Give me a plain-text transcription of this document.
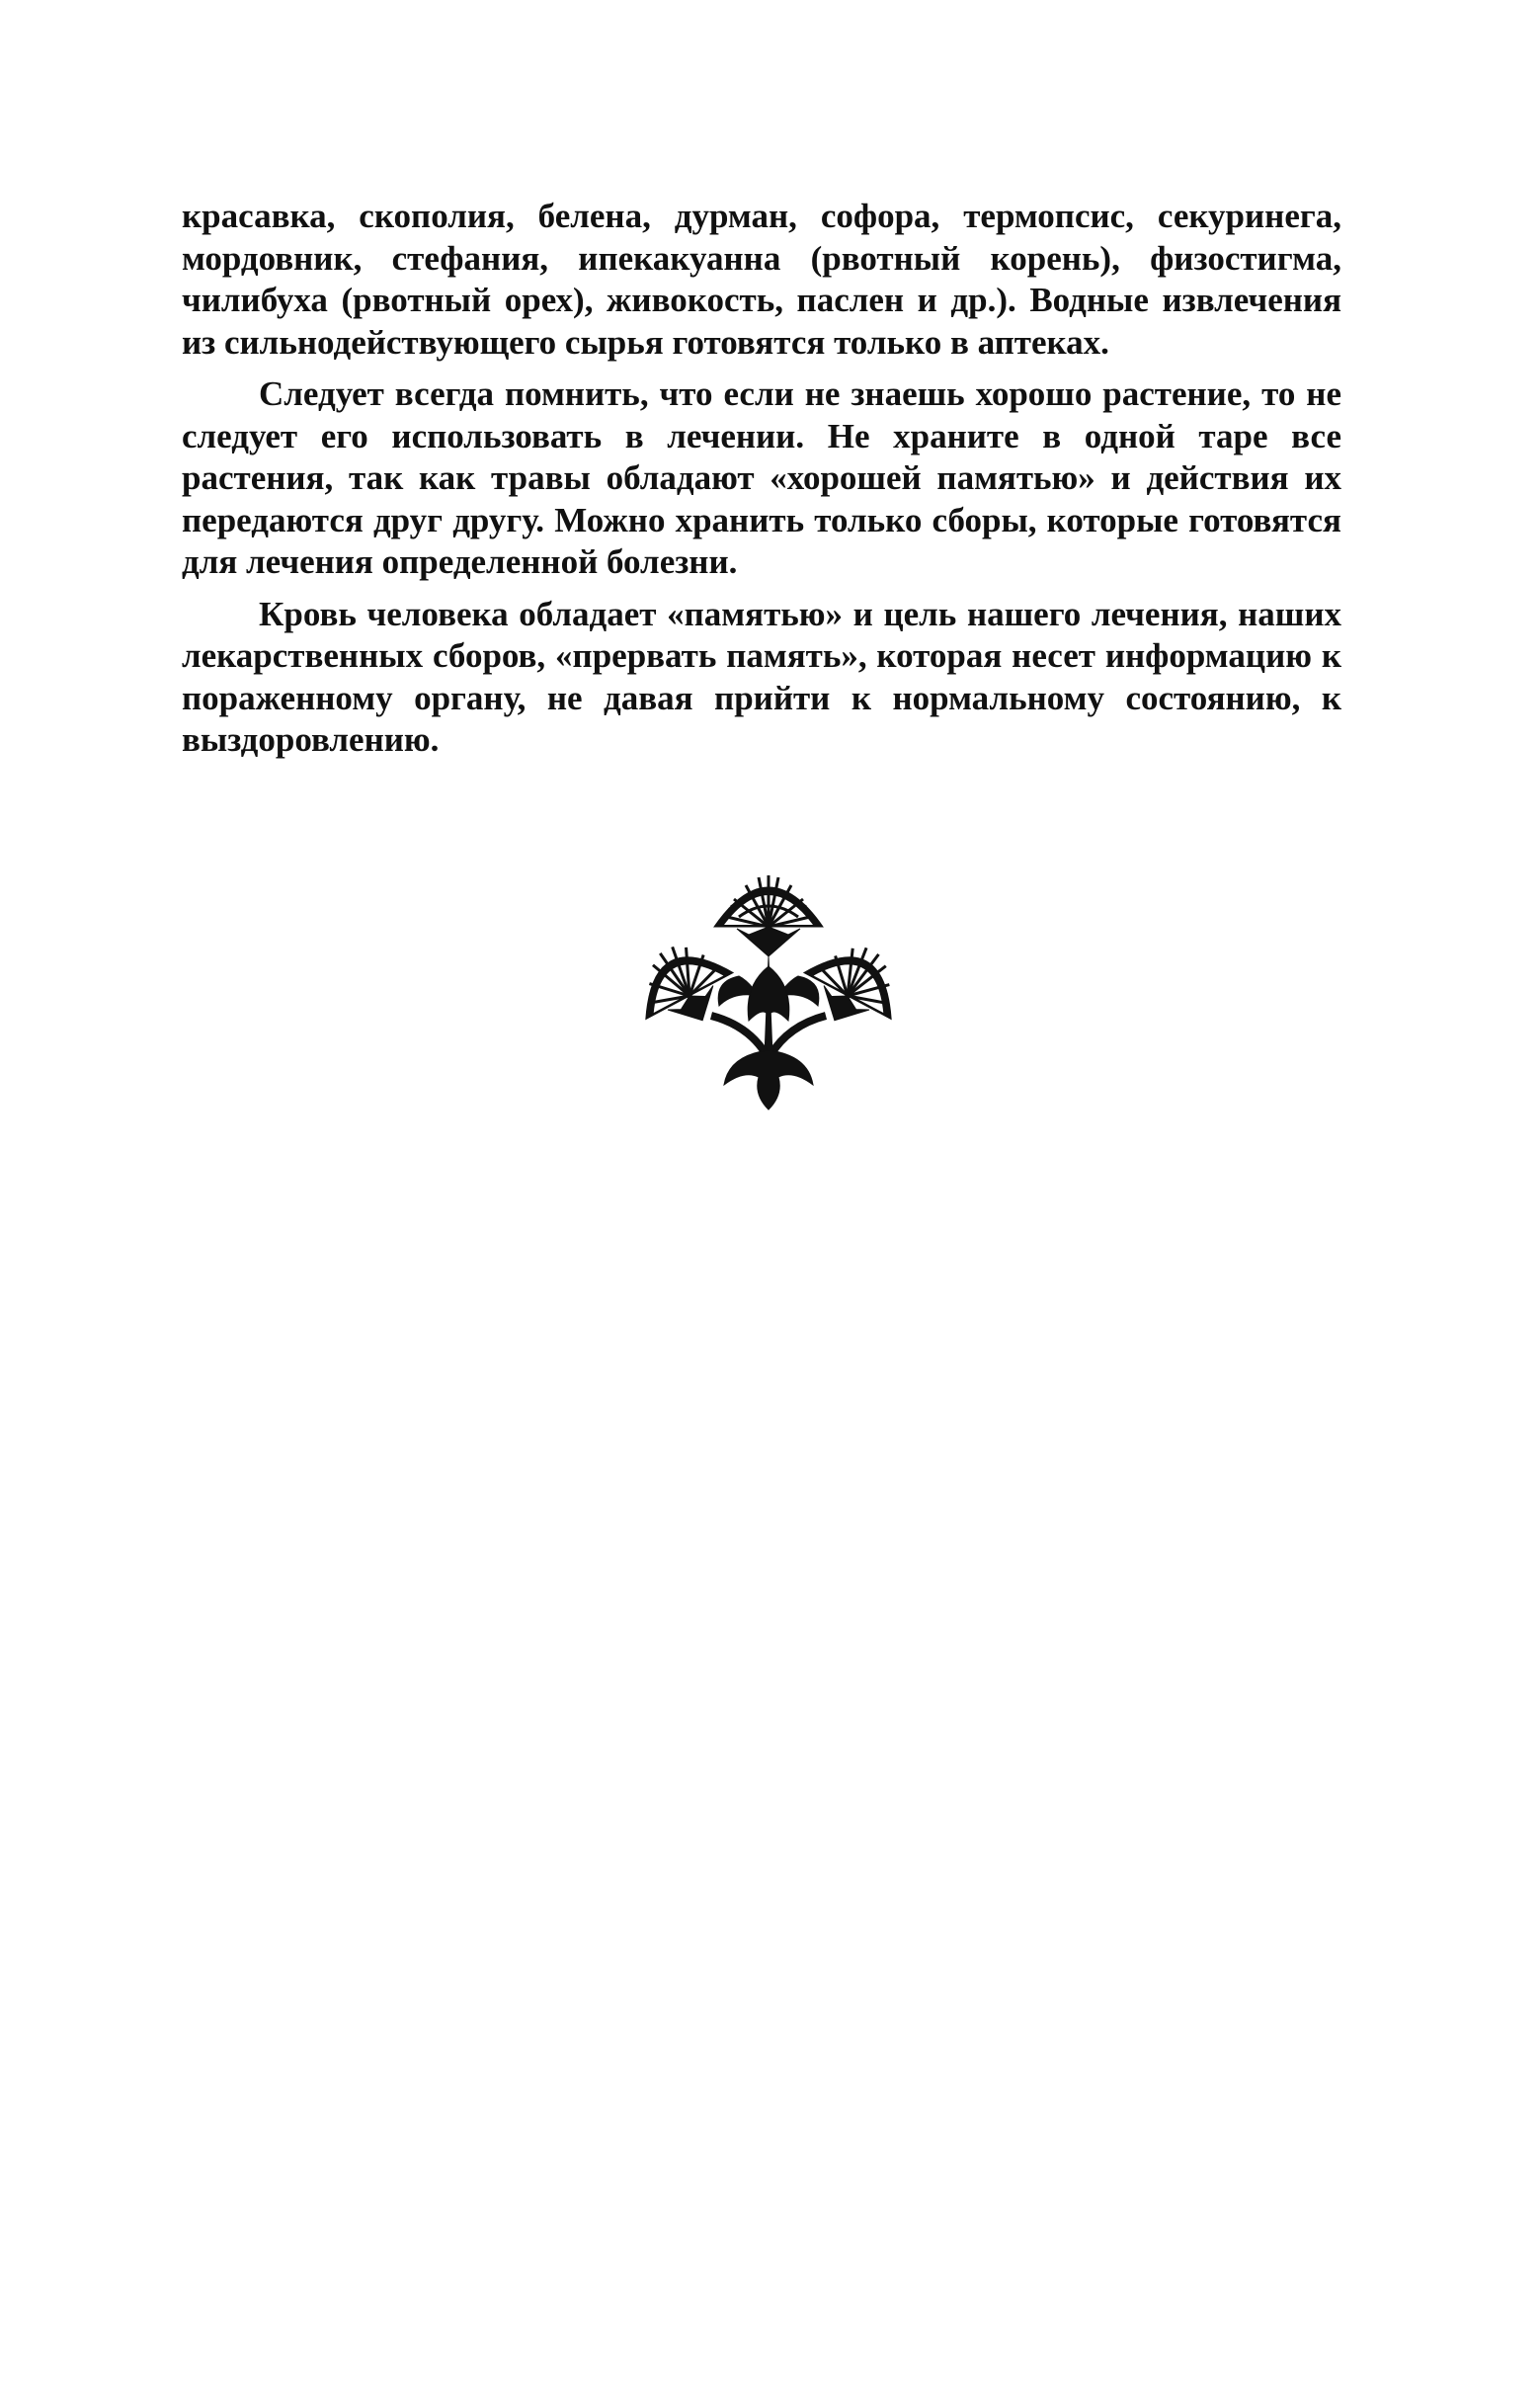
красавка, скополия, белена, дурман, софора, термопсис, секуринега, мордовник, стефания, ипекакуанна (рвотный корень), физостигма, чилибуха (рвотный орех), живокость, паслен и др.). Водные извлечения из сильнодействующего сырья готовятся только в аптеках.

Следует всегда помнить, что если не знаешь хорошо растение, то не следует его использовать в лечении. Не храните в одной таре все растения, так как травы обладают «хорошей памятью» и действия их передаются друг другу. Можно хранить только сборы, которые готовятся для лечения определенной болезни.

Кровь человека обладает «памятью» и цель нашего лечения, наших лекарственных сборов, «прервать память», которая несет информацию к пораженному органу, не давая прийти к нормальному состоянию, к выздоровлению.
